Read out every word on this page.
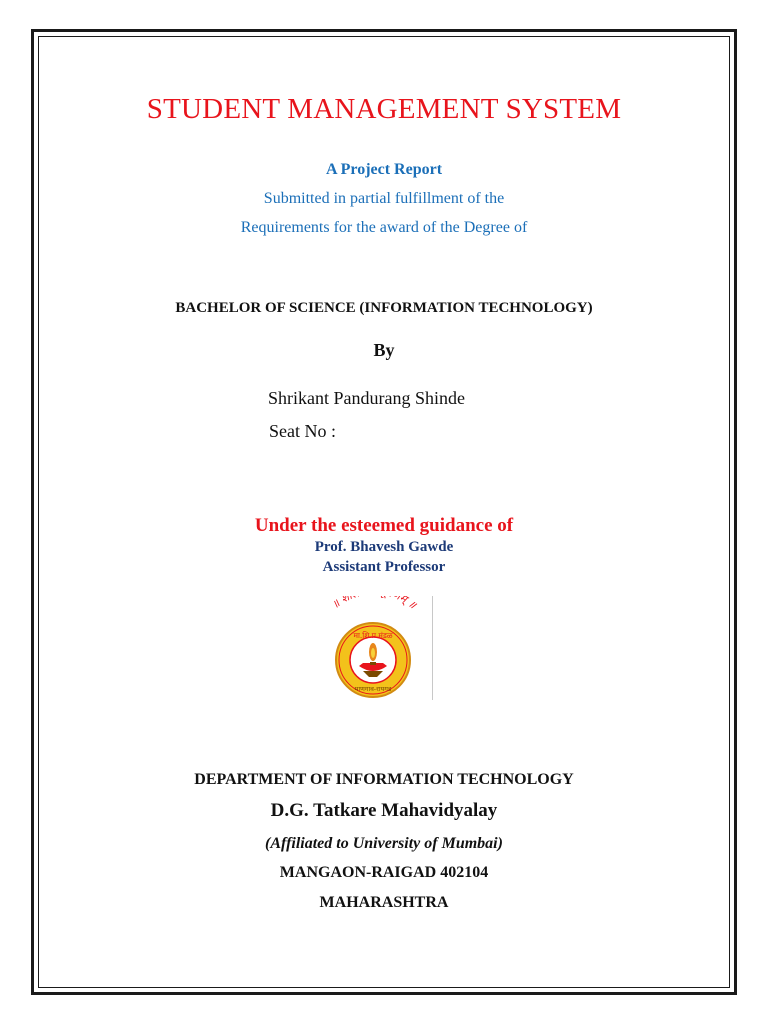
STUDENT MANAGEMENT SYSTEM
A Project Report
Submitted in partial fulfillment of the
Requirements for the award of the Degree of
BACHELOR OF SCIENCE (INFORMATION TECHNOLOGY)
By
Shrikant Pandurang Shinde
Seat No :
Under the esteemed guidance of
Prof. Bhavesh Gawde
Assistant Professor
॥ शी म् ॥
मा.शि.प्र.मंडळ
माणगाव-रायगड
DEPARTMENT OF INFORMATION TECHNOLOGY
D.G. Tatkare Mahavidyalay
(Affiliated to University of Mumbai)
MANGAON-RAIGAD 402104
MAHARASHTRA
